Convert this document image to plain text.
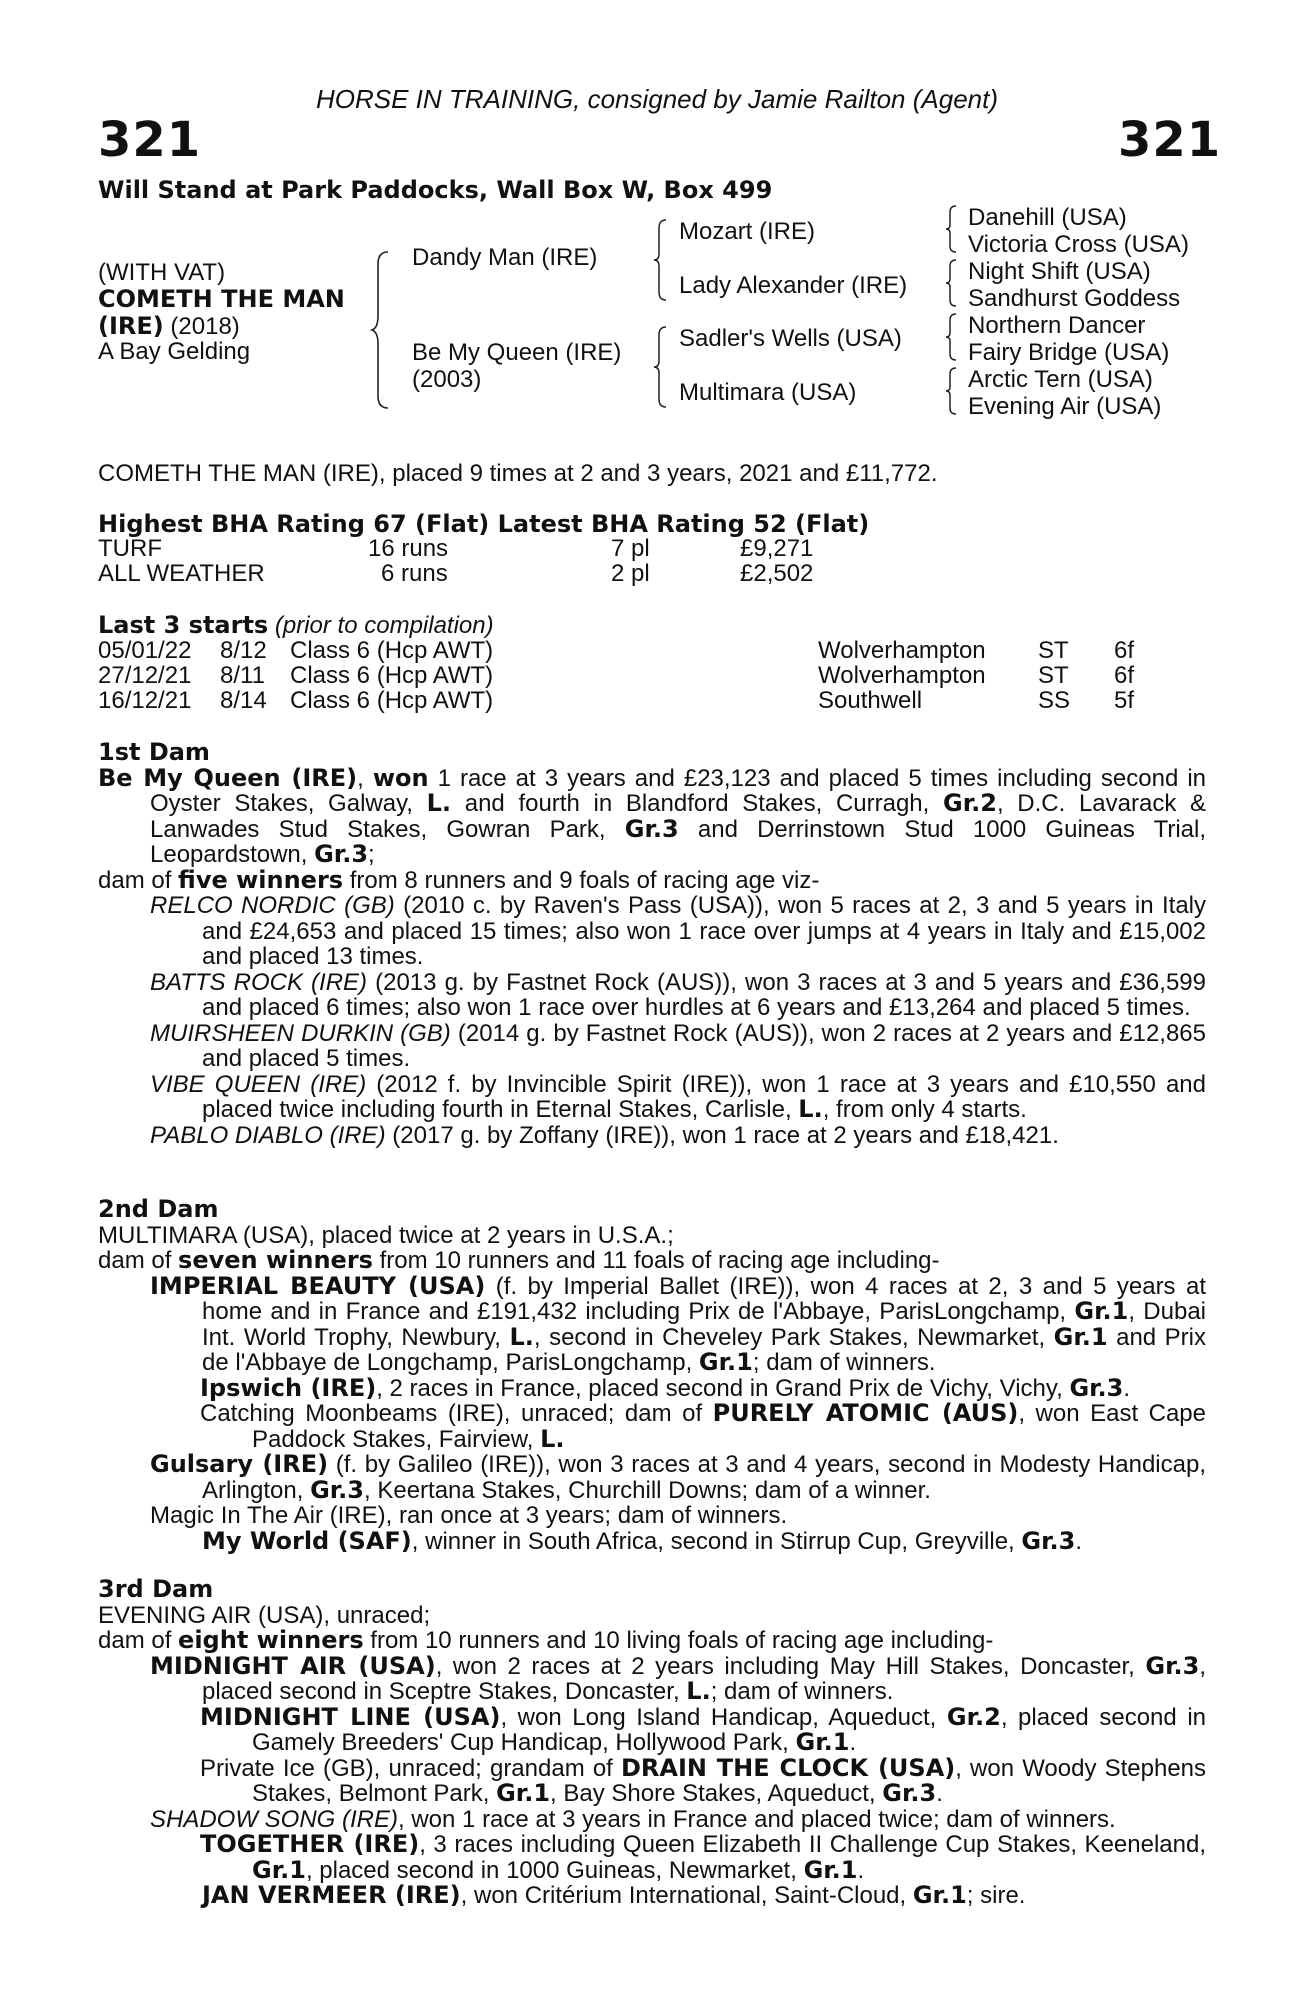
HORSE IN TRAINING, consigned by Jamie Railton (Agent)
321	321
Will Stand at Park Paddocks, Wall Box W, Box 499
(WITH VAT)
COMETH THE MAN
(IRE) (2018)
A Bay Gelding
Dandy Man (IRE)
Be My Queen (IRE)
(2003)
Mozart (IRE)
Lady Alexander (IRE)
Sadler's Wells (USA)
Multimara (USA)
Danehill (USA)
Victoria Cross (USA)
Night Shift (USA)
Sandhurst Goddess
Northern Dancer
Fairy Bridge (USA)
Arctic Tern (USA)
Evening Air (USA)
COMETH THE MAN (IRE), placed 9 times at 2 and 3 years, 2021 and £11,772.
Highest BHA Rating 67 (Flat) Latest BHA Rating 52 (Flat)
TURF	16 runs	7 pl	£9,271
ALL WEATHER	6 runs	2 pl	£2,502
Last 3 starts (prior to compilation)
05/01/22 8/12 Class 6 (Hcp AWT)	Wolverhampton ST 6f
27/12/21 8/11 Class 6 (Hcp AWT)	Wolverhampton ST 6f
16/12/21 8/14 Class 6 (Hcp AWT)	Southwell	SS 5f

1st Dam

Be My Queen (IRE), won 1 race at 3 years and £23,123 and placed 5 times including second in Oyster Stakes, Galway, L. and fourth in Blandford Stakes, Curragh, Gr.2, D.C. Lavarack & Lanwades Stud Stakes, Gowran Park, Gr.3 and Derrinstown Stud 1000 Guineas Trial, Leopardstown, Gr.3;

dam of five winners from 8 runners and 9 foals of racing age viz-

RELCO NORDIC (GB) (2010 c. by Raven's Pass (USA)), won 5 races at 2, 3 and 5 years in Italy and £24,653 and placed 15 times; also won 1 race over jumps at 4 years in Italy and £15,002 and placed 13 times.

BATTS ROCK (IRE) (2013 g. by Fastnet Rock (AUS)), won 3 races at 3 and 5 years and £36,599 and placed 6 times; also won 1 race over hurdles at 6 years and £13,264 and placed 5 times.

MUIRSHEEN DURKIN (GB) (2014 g. by Fastnet Rock (AUS)), won 2 races at 2 years and £12,865 and placed 5 times.

VIBE QUEEN (IRE) (2012 f. by Invincible Spirit (IRE)), won 1 race at 3 years and £10,550 and placed twice including fourth in Eternal Stakes, Carlisle, L., from only 4 starts.

PABLO DIABLO (IRE) (2017 g. by Zoffany (IRE)), won 1 race at 2 years and £18,421.

2nd Dam

MULTIMARA (USA), placed twice at 2 years in U.S.A.;

dam of seven winners from 10 runners and 11 foals of racing age including-

IMPERIAL BEAUTY (USA) (f. by Imperial Ballet (IRE)), won 4 races at 2, 3 and 5 years at home and in France and £191,432 including Prix de l'Abbaye, ParisLongchamp, Gr.1, Dubai Int. World Trophy, Newbury, L., second in Cheveley Park Stakes, Newmarket, Gr.1 and Prix de l'Abbaye de Longchamp, ParisLongchamp, Gr.1; dam of winners.

Ipswich (IRE), 2 races in France, placed second in Grand Prix de Vichy, Vichy, Gr.3.

Catching Moonbeams (IRE), unraced; dam of PURELY ATOMIC (AUS), won East Cape Paddock Stakes, Fairview, L.

Gulsary (IRE) (f. by Galileo (IRE)), won 3 races at 3 and 4 years, second in Modesty Handicap, Arlington, Gr.3, Keertana Stakes, Churchill Downs; dam of a winner.

Magic In The Air (IRE), ran once at 3 years; dam of winners.

My World (SAF), winner in South Africa, second in Stirrup Cup, Greyville, Gr.3.

3rd Dam

EVENING AIR (USA), unraced;

dam of eight winners from 10 runners and 10 living foals of racing age including-

MIDNIGHT AIR (USA), won 2 races at 2 years including May Hill Stakes, Doncaster, Gr.3, placed second in Sceptre Stakes, Doncaster, L.; dam of winners.

MIDNIGHT LINE (USA), won Long Island Handicap, Aqueduct, Gr.2, placed second in Gamely Breeders' Cup Handicap, Hollywood Park, Gr.1.

Private Ice (GB), unraced; grandam of DRAIN THE CLOCK (USA), won Woody Stephens Stakes, Belmont Park, Gr.1, Bay Shore Stakes, Aqueduct, Gr.3.

SHADOW SONG (IRE), won 1 race at 3 years in France and placed twice; dam of winners.

TOGETHER (IRE), 3 races including Queen Elizabeth II Challenge Cup Stakes, Keeneland, Gr.1, placed second in 1000 Guineas, Newmarket, Gr.1.

JAN VERMEER (IRE), won Critérium International, Saint-Cloud, Gr.1; sire.
